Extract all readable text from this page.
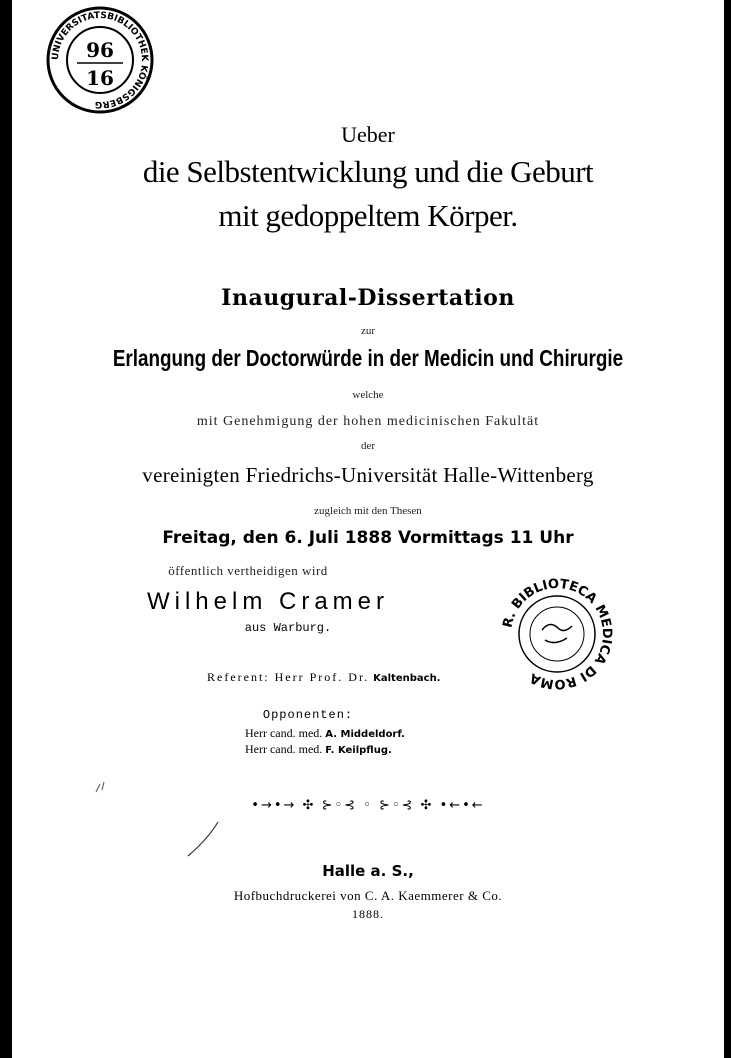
UNIVERSITATSBIBLIOTHEK KÖNIGSBERG
96
16
Ueber
die Selbstentwicklung und die Geburt
mit gedoppeltem Körper.
Inaugural-Dissertation
zur
Erlangung der Doctorwürde in der Medicin und Chirurgie
welche
mit Genehmigung der hohen medicinischen Fakultät
der
vereinigten Friedrichs-Universität Halle-Wittenberg
zugleich mit den Thesen
Freitag, den 6. Juli 1888 Vormittags 11 Uhr
öffentlich vertheidigen wird
Wilhelm Cramer
aus Warburg.
Referent: Herr Prof. Dr. Kaltenbach.
Opponenten:
Herr cand. med. A. Middeldorf.
Herr cand. med. F. Keilpflug.
R. BIBLIOTECA MEDICA DI ROMA
•→•→ ✣ ⊱◦⊰ ◦ ⊱◦⊰ ✣ •←•←
Halle a. S.,
Hofbuchdruckerei von C. A. Kaemmerer & Co.
1888.
